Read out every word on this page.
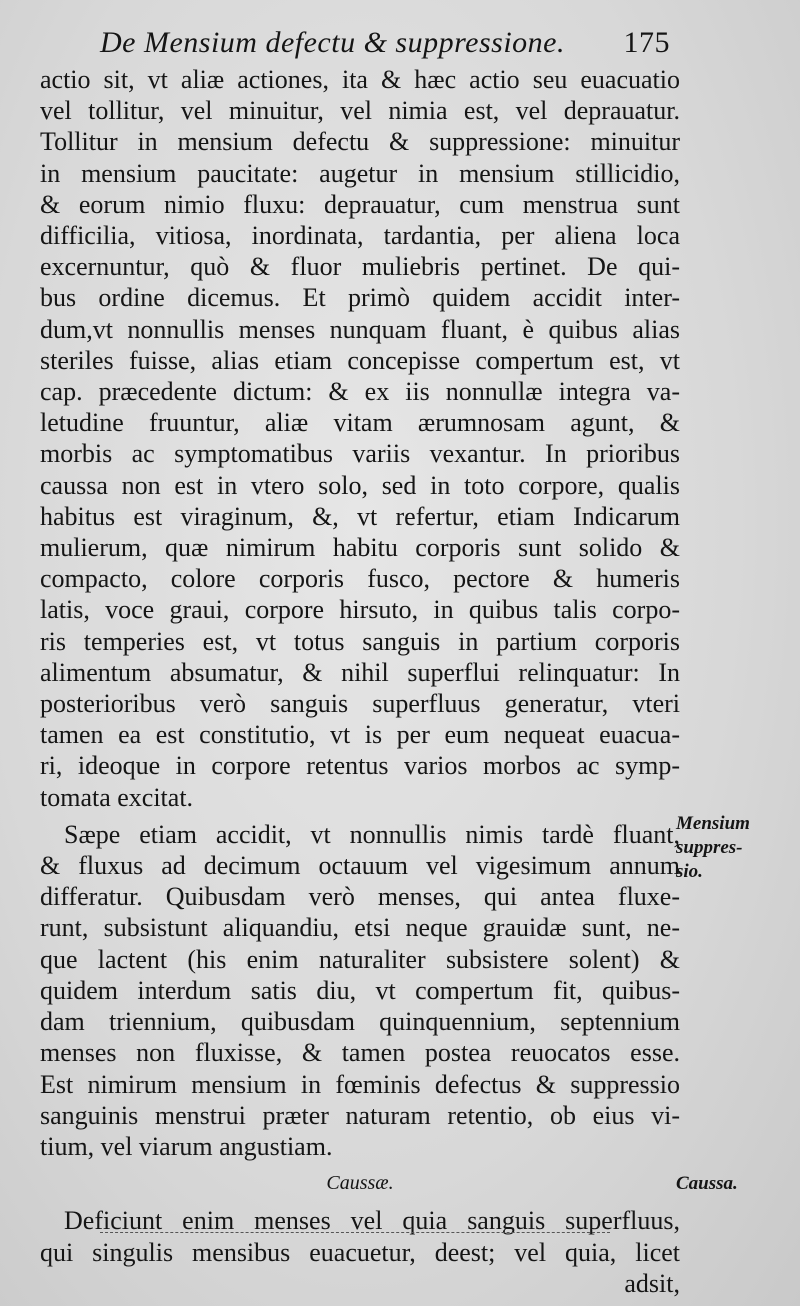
De Mensium defectu & suppressione. 175
actio sit, vt aliæ actiones, ita & hæc actio seu euacuatio
vel tollitur, vel minuitur, vel nimia est, vel deprauatur.
Tollitur in mensium defectu & suppressione: minuitur
in mensium paucitate: augetur in mensium stillicidio,
& eorum nimio fluxu: deprauatur, cum menstrua sunt
difficilia, vitiosa, inordinata, tardantia, per aliena loca
excernuntur, quò & fluor muliebris pertinet. De qui-
bus ordine dicemus. Et primò quidem accidit inter-
dum,vt nonnullis menses nunquam fluant, è quibus alias
steriles fuisse, alias etiam concepisse compertum est, vt
cap. præcedente dictum: & ex iis nonnullæ integra va-
letudine fruuntur, aliæ vitam ærumnosam agunt, &
morbis ac symptomatibus variis vexantur. In prioribus
caussa non est in vtero solo, sed in toto corpore, qualis
habitus est viraginum, &, vt refertur, etiam Indicarum
mulierum, quæ nimirum habitu corporis sunt solido &
compacto, colore corporis fusco, pectore & humeris
latis, voce graui, corpore hirsuto, in quibus talis corpo-
ris temperies est, vt totus sanguis in partium corporis
alimentum absumatur, & nihil superflui relinquatur: In
posterioribus verò sanguis superfluus generatur, vteri
tamen ea est constitutio, vt is per eum nequeat euacua-
ri, ideoque in corpore retentus varios morbos ac symp-
tomata excitat.
Sæpe etiam accidit, vt nonnullis nimis tardè fluant,
& fluxus ad decimum octauum vel vigesimum annum
differatur. Quibusdam verò menses, qui antea fluxe-
runt, subsistunt aliquandiu, etsi neque grauidæ sunt, ne-
que lactent (his enim naturaliter subsistere solent) &
quidem interdum satis diu, vt compertum fit, quibus-
dam triennium, quibusdam quinquennium, septennium
menses non fluxisse, & tamen postea reuocatos esse.
Est nimirum mensium in fœminis defectus & suppressio
sanguinis menstrui præter naturam retentio, ob eius vi-
tium, vel viarum angustiam.
Caussæ.
Deficiunt enim menses vel quia sanguis superfluus,
qui singulis mensibus euacuetur, deest; vel quia, licet
adsit,
Mensium
suppres-
sio.
Caussa.
